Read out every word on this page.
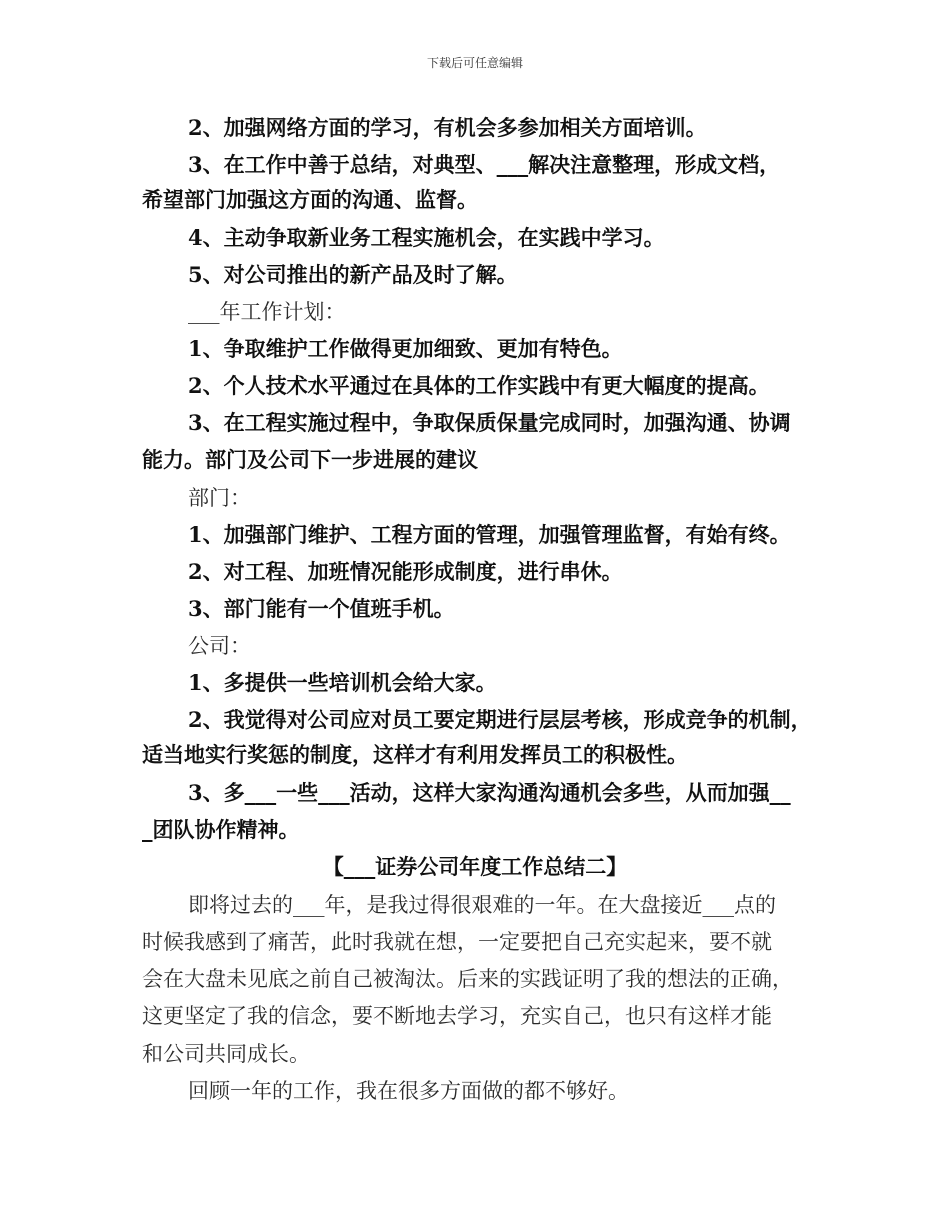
下载后可任意编辑
2、加强网络方面的学习，有机会多参加相关方面培训。
3、在工作中善于总结，对典型、___解决注意整理，形成文档，
希望部门加强这方面的沟通、监督。
4、主动争取新业务工程实施机会，在实践中学习。
5、对公司推出的新产品及时了解。
___年工作计划：
1、争取维护工作做得更加细致、更加有特色。
2、个人技术水平通过在具体的工作实践中有更大幅度的提高。
3、在工程实施过程中，争取保质保量完成同时，加强沟通、协调
能力。部门及公司下一步进展的建议
部门：
1、加强部门维护、工程方面的管理，加强管理监督，有始有终。
2、对工程、加班情况能形成制度，进行串休。
3、部门能有一个值班手机。
公司：
1、多提供一些培训机会给大家。
2、我觉得对公司应对员工要定期进行层层考核，形成竞争的机制，
适当地实行奖惩的制度，这样才有利用发挥员工的积极性。
3、多___一些___活动，这样大家沟通沟通机会多些，从而加强__
_团队协作精神。
【___证券公司年度工作总结二】
即将过去的___年，是我过得很艰难的一年。在大盘接近___点的
时候我感到了痛苦，此时我就在想，一定要把自己充实起来，要不就
会在大盘未见底之前自己被淘汰。后来的实践证明了我的想法的正确，
这更坚定了我的信念，要不断地去学习，充实自己，也只有这样才能
和公司共同成长。
回顾一年的工作，我在很多方面做的都不够好。
